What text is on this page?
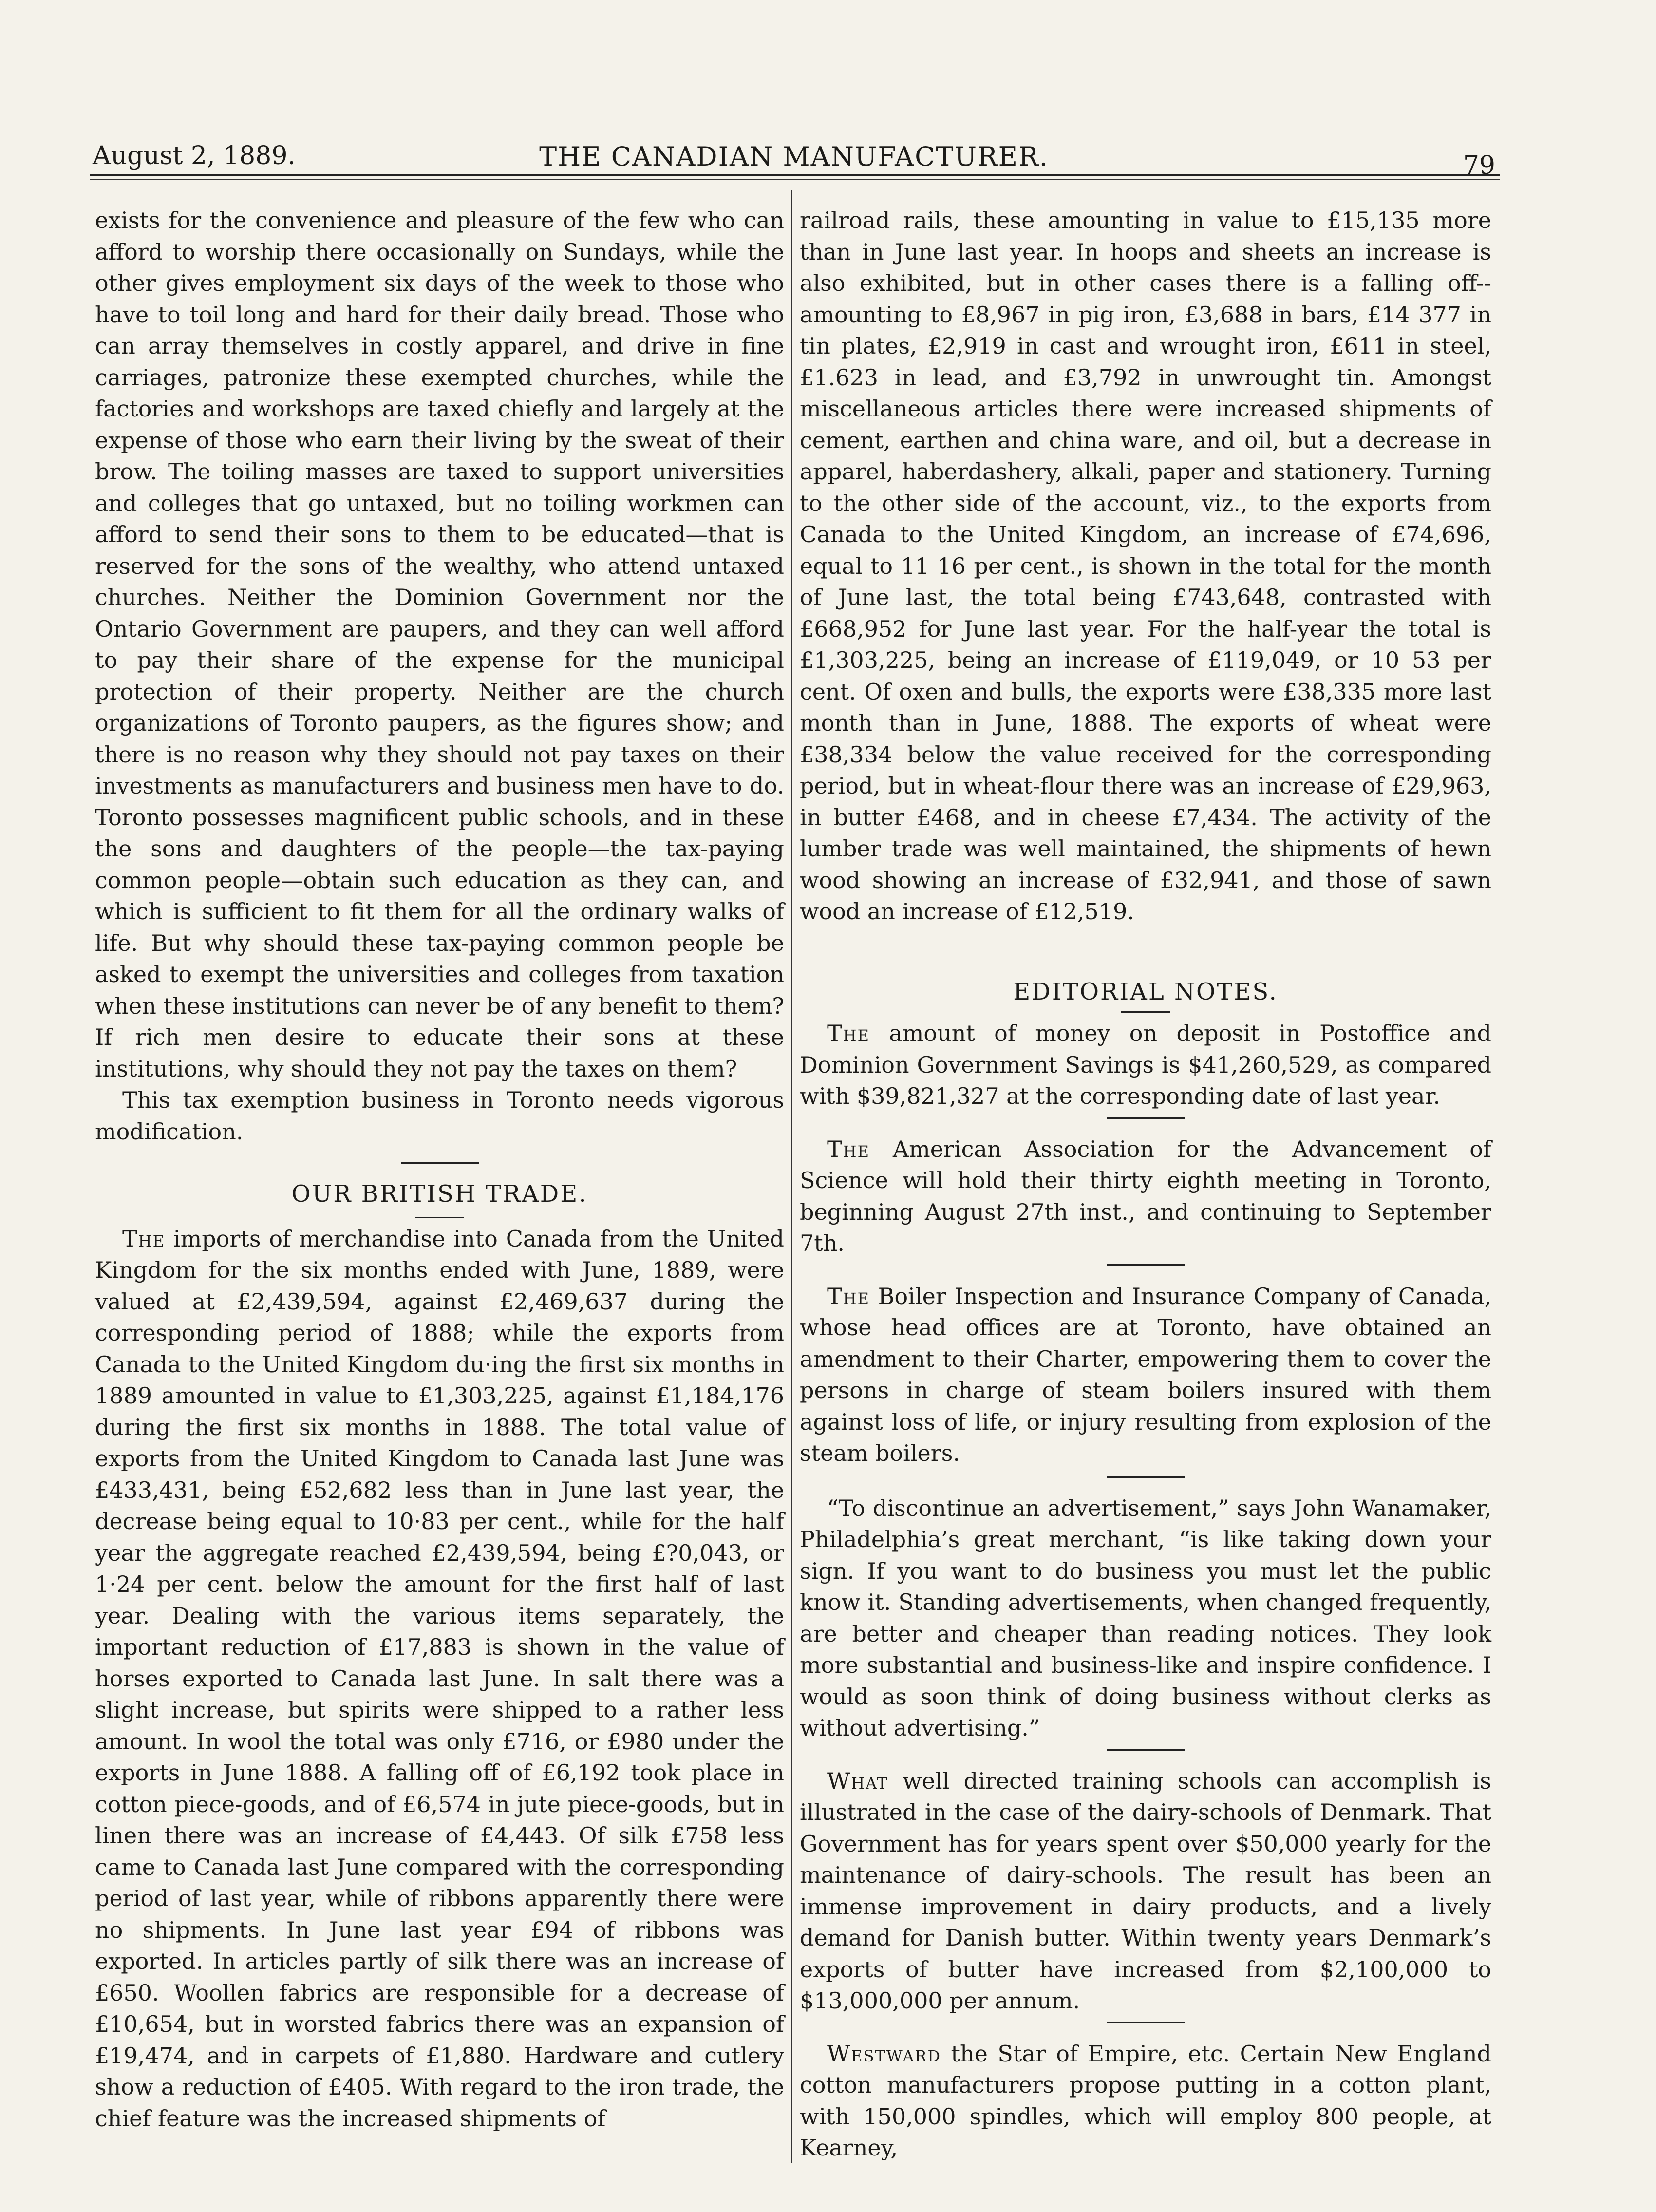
THE CANADIAN MANUFACTURER.
August 2, 1889.	79

exists for the convenience and pleasure of the few who can afford to worship there occasionally on Sundays, while the other gives employment six days of the week to those who have to toil long and hard for their daily bread. Those who can array themselves in costly apparel, and drive in fine carriages, patronize these exempted churches, while the factories and workshops are taxed chiefly and largely at the expense of those who earn their living by the sweat of their brow. The toiling masses are taxed to support universities and colleges that go untaxed, but no toiling workmen can afford to send their sons to them to be educated—that is reserved for the sons of the wealthy, who attend untaxed churches. Neither the Dominion Government nor the Ontario Government are paupers, and they can well afford to pay their share of the expense for the municipal protection of their property. Neither are the church organizations of Toronto paupers, as the figures show; and there is no reason why they should not pay taxes on their investments as manufacturers and business men have to do. Toronto possesses magnificent public schools, and in these the sons and daughters of the people—the tax-paying common people—obtain such education as they can, and which is sufficient to fit them for all the ordinary walks of life. But why should these tax-paying common people be asked to exempt the universities and colleges from taxation when these institutions can never be of any benefit to them? If rich men desire to educate their sons at these institutions, why should they not pay the taxes on them?

This tax exemption business in Toronto needs vigorous modification.

OUR BRITISH TRADE.

The imports of merchandise into Canada from the United Kingdom for the six months ended with June, 1889, were valued at £2,439,594, against £2,469,637 during the corresponding period of 1888; while the exports from Canada to the United Kingdom du·ing the first six months in 1889 amounted in value to £1,303,225, against £1,184,176 during the first six months in 1888. The total value of exports from the United Kingdom to Canada last June was £433,431, being £52,682 less than in June last year, the decrease being equal to 10·83 per cent., while for the half year the aggregate reached £2,439,594, being £?0,043, or 1·24 per cent. below the amount for the first half of last year. Dealing with the various items separately, the important reduction of £17,883 is shown in the value of horses exported to Canada last June. In salt there was a slight increase, but spirits were shipped to a rather less amount. In wool the total was only £716, or £980 under the exports in June 1888. A falling off of £6,192 took place in cotton piece-goods, and of £6,574 in jute piece-goods, but in linen there was an increase of £4,443. Of silk £758 less came to Canada last June compared with the corresponding period of last year, while of ribbons apparently there were no shipments. In June last year £94 of ribbons was exported. In articles partly of silk there was an increase of £650. Woollen fabrics are responsible for a decrease of £10,654, but in worsted fabrics there was an expansion of £19,474, and in carpets of £1,880. Hardware and cutlery show a reduction of £405. With regard to the iron trade, the chief feature was the increased shipments of

railroad rails, these amounting in value to £15,135 more than in June last year. In hoops and sheets an increase is also exhibited, but in other cases there is a falling off--amounting to £8,967 in pig iron, £3,688 in bars, £14 377 in tin plates, £2,919 in cast and wrought iron, £611 in steel, £1.623 in lead, and £3,792 in unwrought tin. Amongst miscellaneous articles there were increased shipments of cement, earthen and china ware, and oil, but a decrease in apparel, haberdashery, alkali, paper and stationery. Turning to the other side of the account, viz., to the exports from Canada to the United Kingdom, an increase of £74,696, equal to 11 16 per cent., is shown in the total for the month of June last, the total being £743,648, contrasted with £668,952 for June last year. For the half-year the total is £1,303,225, being an increase of £119,049, or 10 53 per cent. Of oxen and bulls, the exports were £38,335 more last month than in June, 1888. The exports of wheat were £38,334 below the value received for the corresponding period, but in wheat-flour there was an increase of £29,963, in butter £468, and in cheese £7,434. The activity of the lumber trade was well maintained, the shipments of hewn wood showing an increase of £32,941, and those of sawn wood an increase of £12,519.

EDITORIAL NOTES.

The amount of money on deposit in Postoffice and Dominion Government Savings is $41,260,529, as compared with $39,821,327 at the corresponding date of last year.

The American Association for the Advancement of Science will hold their thirty eighth meeting in Toronto, beginning August 27th inst., and continuing to September 7th.

The Boiler Inspection and Insurance Company of Canada, whose head offices are at Toronto, have obtained an amendment to their Charter, empowering them to cover the persons in charge of steam boilers insured with them against loss of life, or injury resulting from explosion of the steam boilers.

“To discontinue an advertisement,” says John Wanamaker, Philadelphia’s great merchant, “is like taking down your sign. If you want to do business you must let the public know it. Standing advertisements, when changed frequently, are better and cheaper than reading notices. They look more substantial and business-like and inspire confidence. I would as soon think of doing business without clerks as without advertising.”

What well directed training schools can accomplish is illustrated in the case of the dairy-schools of Denmark. That Government has for years spent over $50,000 yearly for the maintenance of dairy-schools. The result has been an immense improvement in dairy products, and a lively demand for Danish butter. Within twenty years Denmark’s exports of butter have increased from $2,100,000 to $13,000,000 per annum.

Westward the Star of Empire, etc. Certain New England cotton manufacturers propose putting in a cotton plant, with 150,000 spindles, which will employ 800 people, at Kearney,
